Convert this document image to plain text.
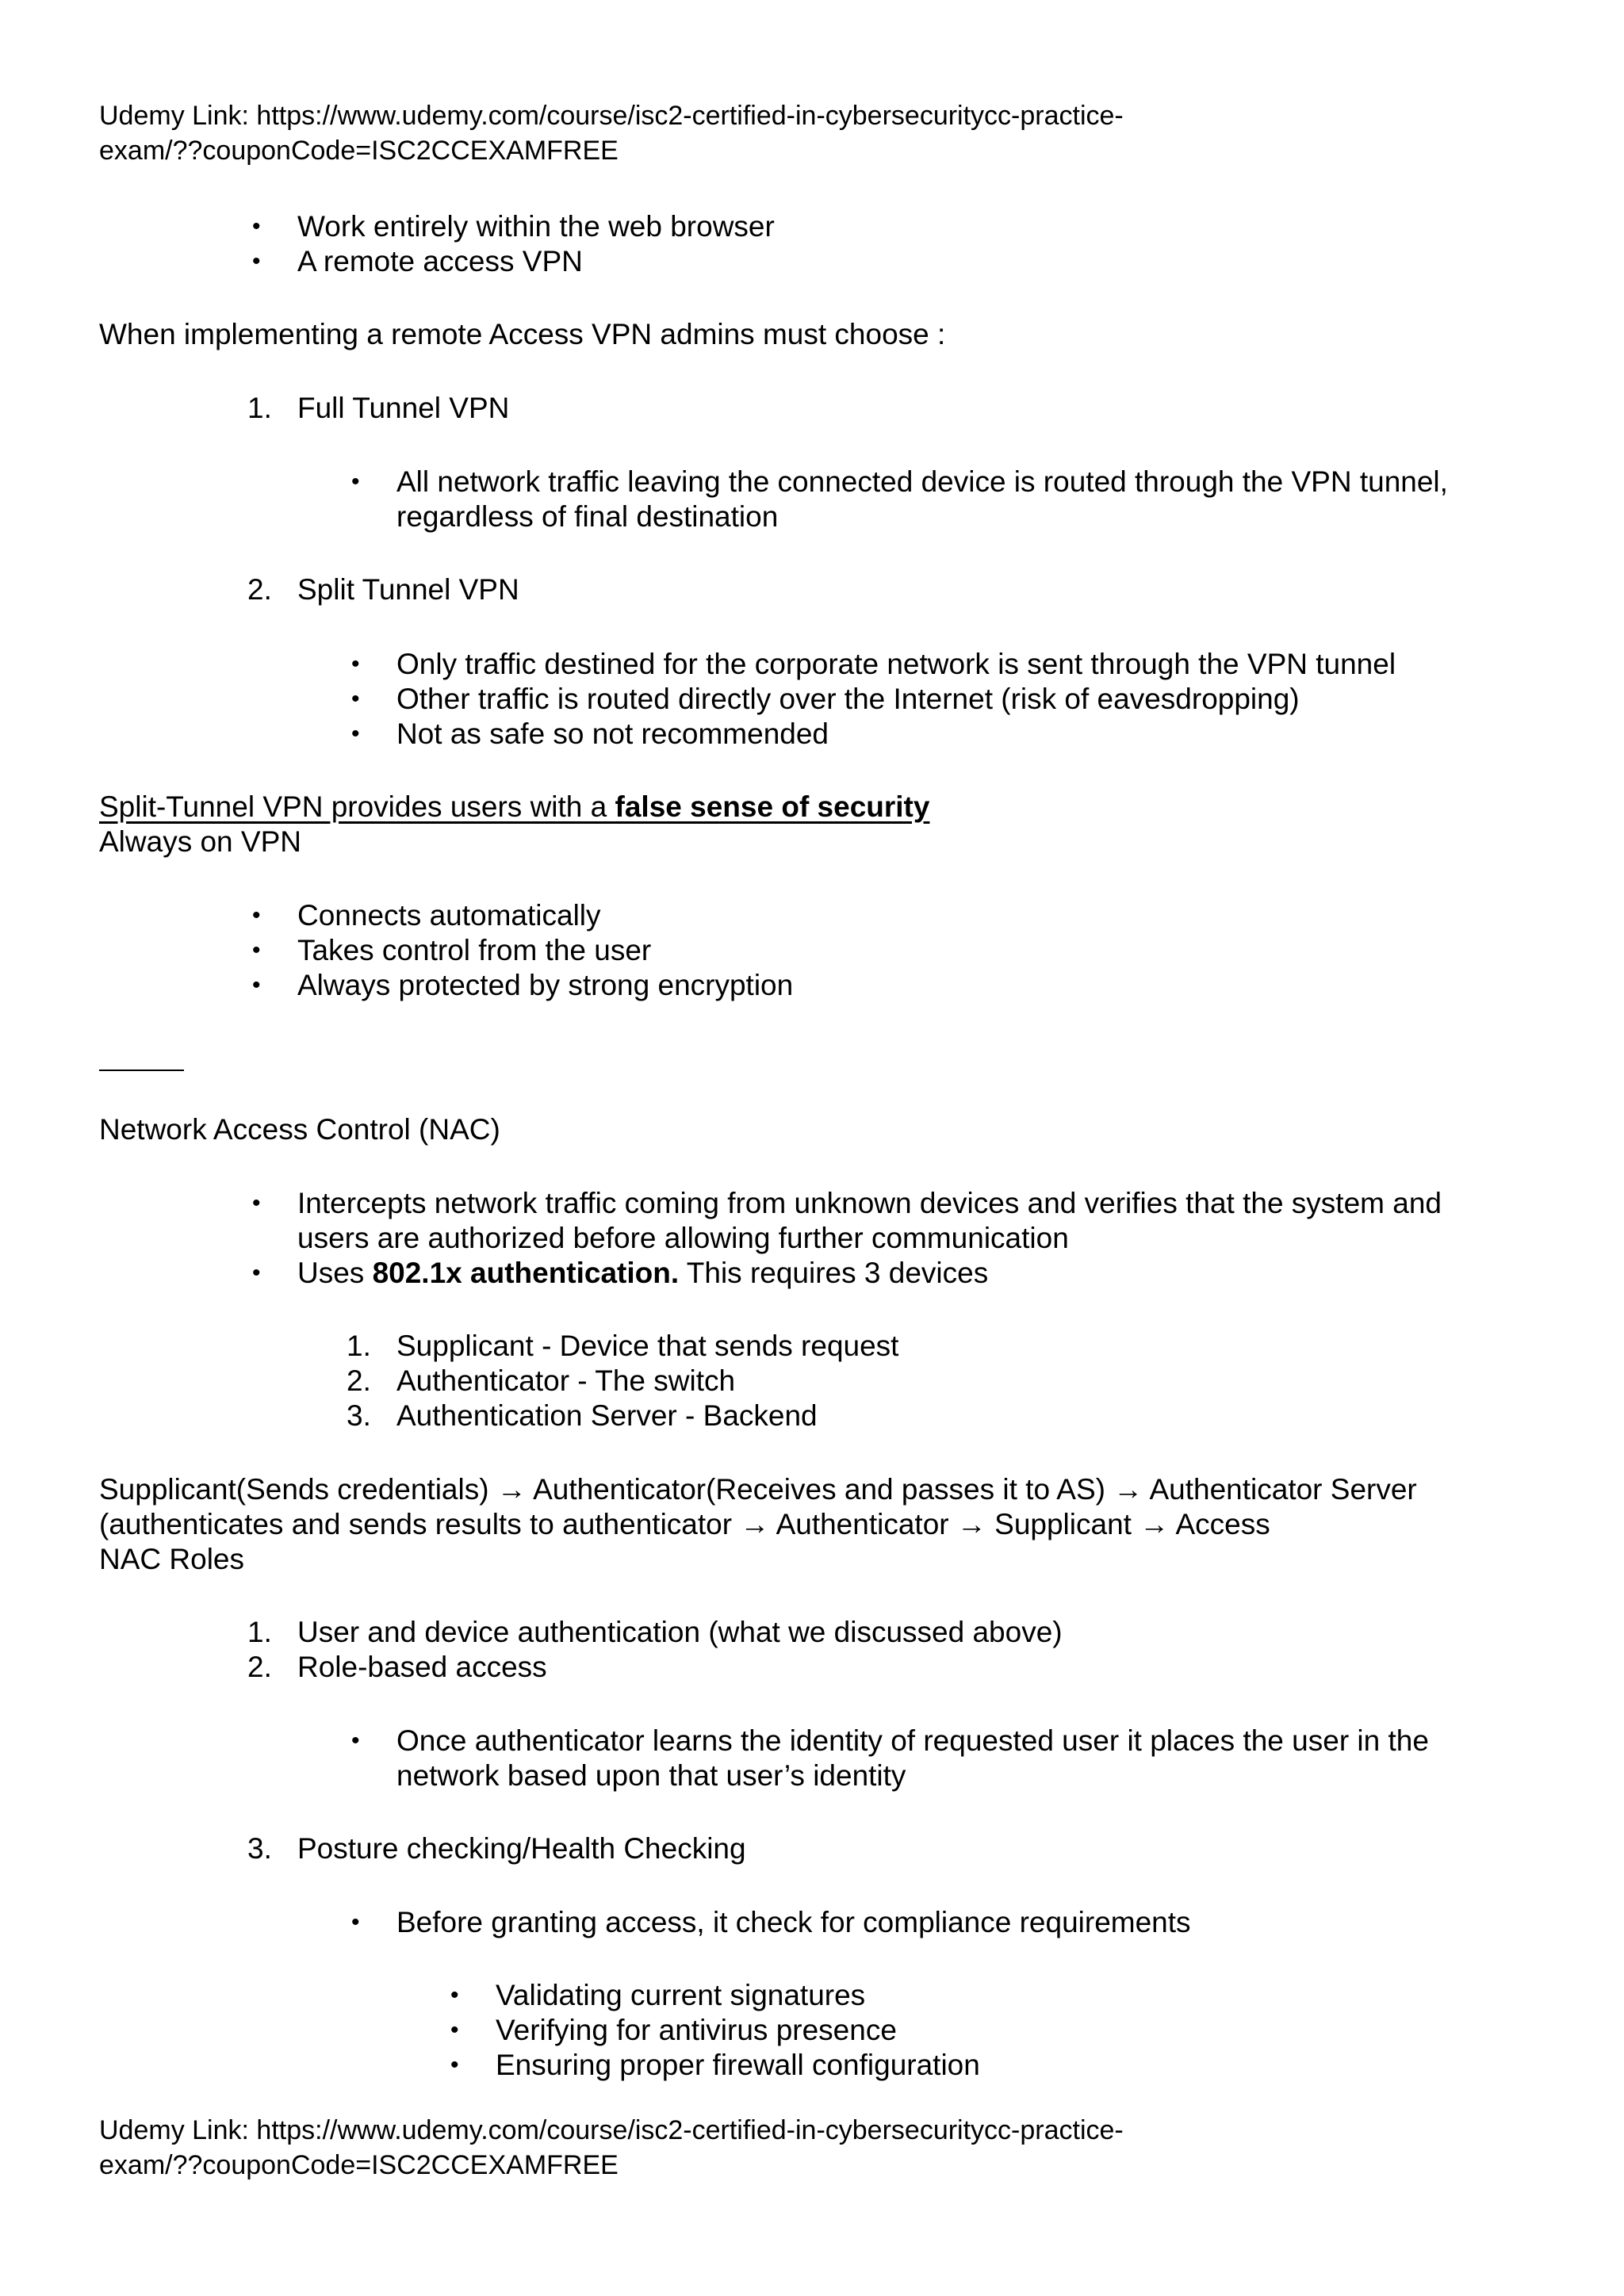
Udemy Link: https://www.udemy.com/course/isc2-certified-in-cybersecuritycc-practice-
exam/??couponCode=ISC2CCEXAMFREE
• Work entirely within the web browser
• A remote access VPN
When implementing a remote Access VPN admins must choose :
1. Full Tunnel VPN
• All network traffic leaving the connected device is routed through the VPN tunnel,
regardless of final destination
2. Split Tunnel VPN
• Only traffic destined for the corporate network is sent through the VPN tunnel
• Other traffic is routed directly over the Internet (risk of eavesdropping)
• Not as safe so not recommended
Split-Tunnel VPN provides users with a false sense of security
Always on VPN
• Connects automatically
• Takes control from the user
• Always protected by strong encryption
Network Access Control (NAC)
• Intercepts network traffic coming from unknown devices and verifies that the system and
users are authorized before allowing further communication
• Uses 802.1x authentication. This requires 3 devices
1. Supplicant - Device that sends request
2. Authenticator - The switch
3. Authentication Server - Backend
Supplicant(Sends credentials) → Authenticator(Receives and passes it to AS) → Authenticator Server
(authenticates and sends results to authenticator → Authenticator → Supplicant → Access
NAC Roles
1. User and device authentication (what we discussed above)
2. Role-based access
• Once authenticator learns the identity of requested user it places the user in the
network based upon that user’s identity
3. Posture checking/Health Checking
• Before granting access, it check for compliance requirements
• Validating current signatures
• Verifying for antivirus presence
• Ensuring proper firewall configuration
Udemy Link: https://www.udemy.com/course/isc2-certified-in-cybersecuritycc-practice-
exam/??couponCode=ISC2CCEXAMFREE
